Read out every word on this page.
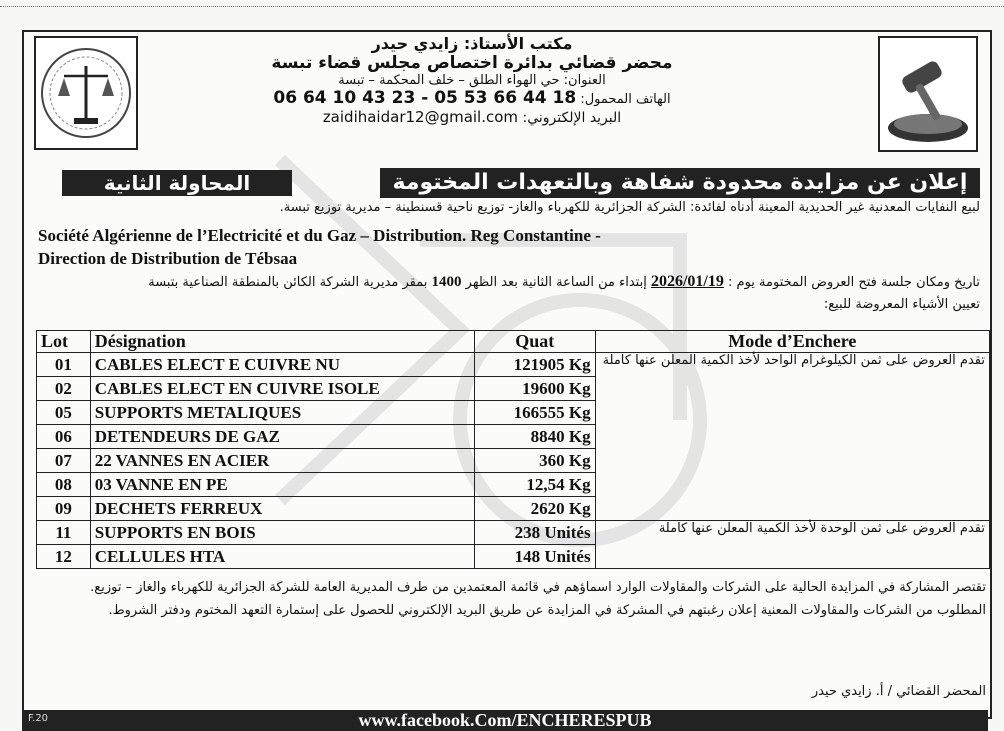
مكتب الأستاذ: زايدي حيدر
محضر قضائي بدائرة اختصاص مجلس قضاء تبسة
العنوان: حي الهواء الطلق – خلف المحكمة – تبسة
الهاتف المحمول: 06 64 10 43 23 - 05 53 66 44 18
البريد الإلكتروني: zaidihaidar12@gmail.com
إعلان عن مزايدة محدودة شفاهة وبالتعهدات المختومة
المحاولة الثانية
لبيع النفايات المعدنية غير الحديدية المعينة أدناه لفائدة: الشركة الجزائرية للكهرباء والغاز- توزيع ناحية قسنطينة – مديرية توزيع تبسة.
Société Algérienne de l’Electricité et du Gaz – Distribution. Reg Constantine -
Direction de Distribution de Tébsaa
تاريخ ومكان جلسة فتح العروض المختومة يوم : 2026/01/19 إبتداء من الساعة الثانية بعد الظهر 1400 بمقر مديرية الشركة الكائن بالمنطقة الصناعية بتبسة
تعيين الأشياء المعروضة للبيع:
Lot	Désignation	Quat	Mode d’Enchere
01	CABLES ELECT E CUIVRE NU	121905 Kg	تقدم العروض على ثمن الكيلوغرام الواحد لأخذ الكمية المعلن عنها كاملة
02	CABLES ELECT EN CUIVRE ISOLE	19600 Kg	
05	SUPPORTS METALIQUES	166555 Kg	
06	DETENDEURS DE GAZ	8840 Kg	
07	22 VANNES EN ACIER	360 Kg	
08	03 VANNE EN PE	12,54 Kg	
09	DECHETS FERREUX	2620 Kg	
11	SUPPORTS EN BOIS	238 Unités	تقدم العروض على ثمن الوحدة لأخذ الكمية المعلن عنها كاملة
12	CELLULES HTA	148 Unités	
تقتصر المشاركة في المزايدة الحالية على الشركات والمقاولات الوارد اسماؤهم في قائمة المعتمدين من طرف المديرية العامة للشركة الجزائرية للكهرباء والغاز – توزيع.
المطلوب من الشركات والمقاولات المعنية إعلان رغبتهم في المشركة في المزايدة عن طريق البريد الإلكتروني للحصول على إستمارة التعهد المختوم ودفتر الشروط.
المحضر القضائي / أ. زايدي حيدر
F.20	www.facebook.Com/ENCHERESPUB
